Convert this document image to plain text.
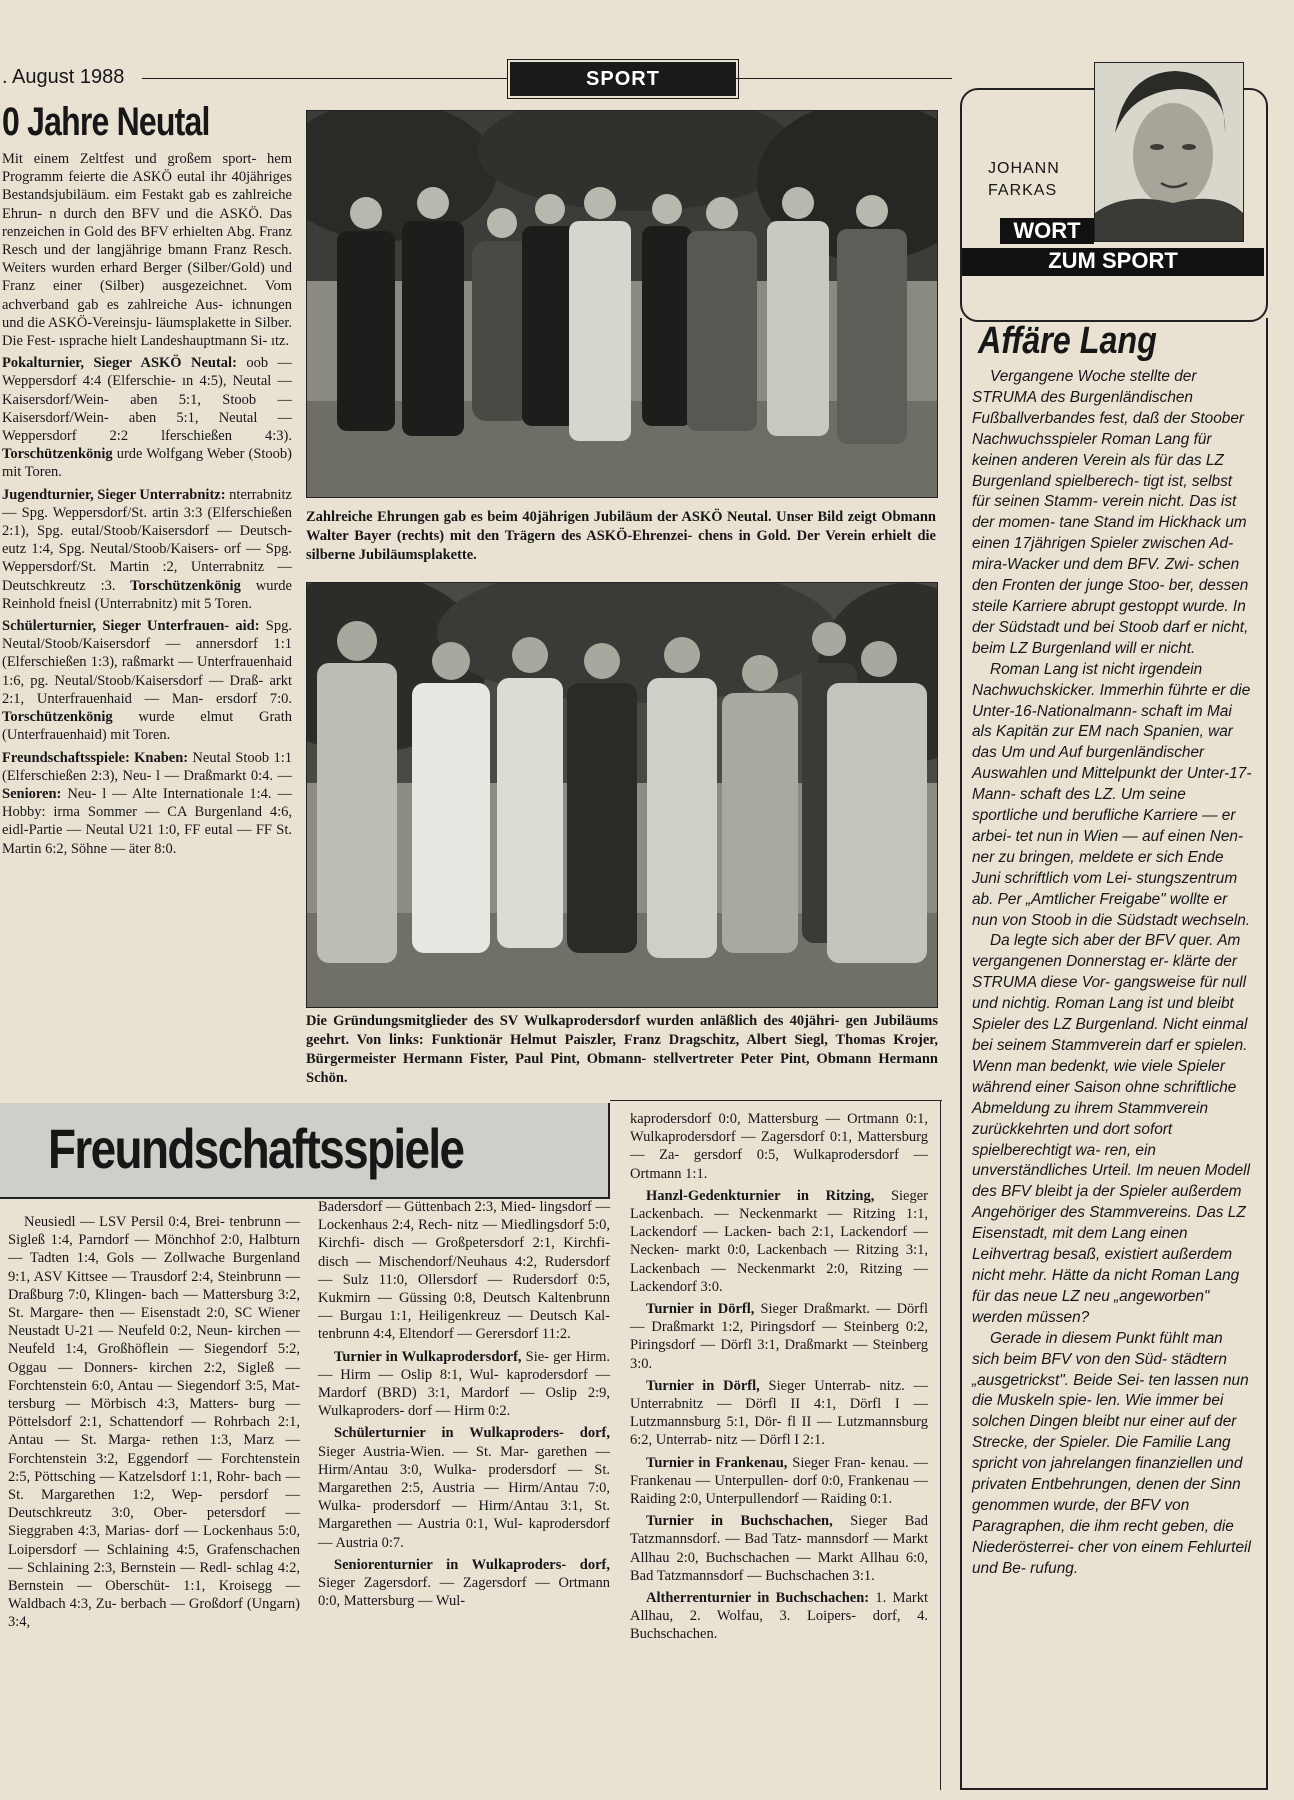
. August 1988	SPORT
0 Jahre Neutal

Mit einem Zeltfest und großem sport- hem Programm feierte die ASKÖ eutal ihr 40jähriges Bestandsjubiläum. eim Festakt gab es zahlreiche Ehrun- n durch den BFV und die ASKÖ. Das renzeichen in Gold des BFV erhielten Abg. Franz Resch und der langjährige bmann Franz Resch. Weiters wurden erhard Berger (Silber/Gold) und Franz einer (Silber) ausgezeichnet. Vom achverband gab es zahlreiche Aus- ichnungen und die ASKÖ-Vereinsju- läumsplakette in Silber. Die Fest- ısprache hielt Landeshauptmann Si- ıtz.

Pokalturnier, Sieger ASKÖ Neutal: oob — Weppersdorf 4:4 (Elferschie- ın 4:5), Neutal — Kaisersdorf/Wein- aben 5:1, Stoob — Kaisersdorf/Wein- aben 5:1, Neutal — Weppersdorf 2:2 lferschießen 4:3). Torschützenkönig urde Wolfgang Weber (Stoob) mit Toren.

Jugendturnier, Sieger Unterrabnitz: nterrabnitz — Spg. Weppersdorf/St. artin 3:3 (Elferschießen 2:1), Spg. eutal/Stoob/Kaisersdorf — Deutsch- eutz 1:4, Spg. Neutal/Stoob/Kaisers- orf — Spg. Weppersdorf/St. Martin :2, Unterrabnitz — Deutschkreutz :3. Torschützenkönig wurde Reinhold fneisl (Unterrabnitz) mit 5 Toren.

Schülerturnier, Sieger Unterfrauen- aid: Spg. Neutal/Stoob/Kaisersdorf — annersdorf 1:1 (Elferschießen 1:3), raßmarkt — Unterfrauenhaid 1:6, pg. Neutal/Stoob/Kaisersdorf — Draß- arkt 2:1, Unterfrauenhaid — Man- ersdorf 7:0. Torschützenkönig wurde elmut Grath (Unterfrauenhaid) mit Toren.

Freundschaftsspiele: Knaben: Neutal Stoob 1:1 (Elferschießen 2:3), Neu- l — Draßmarkt 0:4. — Senioren: Neu- l — Alte Internationale 1:4. — Hobby: irma Sommer — CA Burgenland 4:6, eidl-Partie — Neutal U21 1:0, FF eutal — FF St. Martin 6:2, Söhne — äter 8:0.

Zahlreiche Ehrungen gab es beim 40jährigen Jubiläum der ASKÖ Neutal. Unser Bild zeigt Obmann Walter Bayer (rechts) mit den Trägern des ASKÖ-Ehrenzei- chens in Gold. Der Verein erhielt die silberne Jubiläumsplakette.
Die Gründungsmitglieder des SV Wulkaprodersdorf wurden anläßlich des 40jähri- gen Jubiläums geehrt. Von links: Funktionär Helmut Paiszler, Franz Dragschitz, Albert Siegl, Thomas Krojer, Bürgermeister Hermann Fister, Paul Pint, Obmann- stellvertreter Peter Pint, Obmann Hermann Schön.
Freundschaftsspiele

Neusiedl — LSV Persil 0:4, Brei- tenbrunn — Sigleß 1:4, Parndorf — Mönchhof 2:0, Halbturn — Tadten 1:4, Gols — Zollwache Burgenland 9:1, ASV Kittsee — Trausdorf 2:4, Steinbrunn — Draßburg 7:0, Klingen- bach — Mattersburg 3:2, St. Margare- then — Eisenstadt 2:0, SC Wiener Neustadt U-21 — Neufeld 0:2, Neun- kirchen — Neufeld 1:4, Großhöflein — Siegendorf 5:2, Oggau — Donners- kirchen 2:2, Sigleß — Forchtenstein 6:0, Antau — Siegendorf 3:5, Mat- tersburg — Mörbisch 4:3, Matters- burg — Pöttelsdorf 2:1, Schattendorf — Rohrbach 2:1, Antau — St. Marga- rethen 1:3, Marz — Forchtenstein 3:2, Eggendorf — Forchtenstein 2:5, Pöttsching — Katzelsdorf 1:1, Rohr- bach — St. Margarethen 1:2, Wep- persdorf — Deutschkreutz 3:0, Ober- petersdorf — Sieggraben 4:3, Marias- dorf — Lockenhaus 5:0, Loipersdorf — Schlaining 4:5, Grafenschachen — Schlaining 2:3, Bernstein — Redl- schlag 4:2, Bernstein — Oberschüt- 1:1, Kroisegg — Waldbach 4:3, Zu- berbach — Großdorf (Ungarn) 3:4,

Badersdorf — Güttenbach 2:3, Mied- lingsdorf — Lockenhaus 2:4, Rech- nitz — Miedlingsdorf 5:0, Kirchfi- disch — Großpetersdorf 2:1, Kirchfi- disch — Mischendorf/Neuhaus 4:2, Rudersdorf — Sulz 11:0, Ollersdorf — Rudersdorf 0:5, Kukmirn — Güssing 0:8, Deutsch Kaltenbrunn — Burgau 1:1, Heiligenkreuz — Deutsch Kal- tenbrunn 4:4, Eltendorf — Gerersdorf 11:2.

Turnier in Wulkaprodersdorf, Sie- ger Hirm. — Hirm — Oslip 8:1, Wul- kaprodersdorf — Mardorf (BRD) 3:1, Mardorf — Oslip 2:9, Wulkaproders- dorf — Hirm 0:2.

Schülerturnier in Wulkaproders- dorf, Sieger Austria-Wien. — St. Mar- garethen — Hirm/Antau 3:0, Wulka- prodersdorf — St. Margarethen 2:5, Austria — Hirm/Antau 7:0, Wulka- prodersdorf — Hirm/Antau 3:1, St. Margarethen — Austria 0:1, Wul- kaprodersdorf — Austria 0:7.

Seniorenturnier in Wulkaproders- dorf, Sieger Zagersdorf. — Zagersdorf — Ortmann 0:0, Mattersburg — Wul-

kaprodersdorf 0:0, Mattersburg — Ortmann 0:1, Wulkaprodersdorf — Zagersdorf 0:1, Mattersburg — Za- gersdorf 0:5, Wulkaprodersdorf — Ortmann 1:1.

Hanzl-Gedenkturnier in Ritzing, Sieger Lackenbach. — Neckenmarkt — Ritzing 1:1, Lackendorf — Lacken- bach 2:1, Lackendorf — Necken- markt 0:0, Lackenbach — Ritzing 3:1, Lackenbach — Neckenmarkt 2:0, Ritzing — Lackendorf 3:0.

Turnier in Dörfl, Sieger Draßmarkt. — Dörfl — Draßmarkt 1:2, Piringsdorf — Steinberg 0:2, Piringsdorf — Dörfl 3:1, Draßmarkt — Steinberg 3:0.

Turnier in Dörfl, Sieger Unterrab- nitz. — Unterrabnitz — Dörfl II 4:1, Dörfl I — Lutzmannsburg 5:1, Dör- fl II — Lutzmannsburg 6:2, Unterrab- nitz — Dörfl I 2:1.

Turnier in Frankenau, Sieger Fran- kenau. — Frankenau — Unterpullen- dorf 0:0, Frankenau — Raiding 2:0, Unterpullendorf — Raiding 0:1.

Turnier in Buchschachen, Sieger Bad Tatzmannsdorf. — Bad Tatz- mannsdorf — Markt Allhau 2:0, Buchschachen — Markt Allhau 6:0, Bad Tatzmannsdorf — Buchschachen 3:1.

Altherrenturnier in Buchschachen: 1. Markt Allhau, 2. Wolfau, 3. Loipers- dorf, 4. Buchschachen.

JOHANN
FARKAS
WORT
ZUM SPORT
Affäre Lang

Vergangene Woche stellte der STRUMA des Burgenländischen Fußballverbandes fest, daß der Stoober Nachwuchsspieler Roman Lang für keinen anderen Verein als für das LZ Burgenland spielberech- tigt ist, selbst für seinen Stamm- verein nicht. Das ist der momen- tane Stand im Hickhack um einen 17jährigen Spieler zwischen Ad- mira-Wacker und dem BFV. Zwi- schen den Fronten der junge Stoo- ber, dessen steile Karriere abrupt gestoppt wurde. In der Südstadt und bei Stoob darf er nicht, beim LZ Burgenland will er nicht.

Roman Lang ist nicht irgendein Nachwuchskicker. Immerhin führte er die Unter-16-Nationalmann- schaft im Mai als Kapitän zur EM nach Spanien, war das Um und Auf burgenländischer Auswahlen und Mittelpunkt der Unter-17-Mann- schaft des LZ. Um seine sportliche und berufliche Karriere — er arbei- tet nun in Wien — auf einen Nen- ner zu bringen, meldete er sich Ende Juni schriftlich vom Lei- stungszentrum ab. Per „Amtlicher Freigabe" wollte er nun von Stoob in die Südstadt wechseln.

Da legte sich aber der BFV quer. Am vergangenen Donnerstag er- klärte der STRUMA diese Vor- gangsweise für null und nichtig. Roman Lang ist und bleibt Spieler des LZ Burgenland. Nicht einmal bei seinem Stammverein darf er spielen. Wenn man bedenkt, wie viele Spieler während einer Saison ohne schriftliche Abmeldung zu ihrem Stammverein zurückkehrten und dort sofort spielberechtigt wa- ren, ein unverständliches Urteil. Im neuen Modell des BFV bleibt ja der Spieler außerdem Angehöriger des Stammvereins. Das LZ Eisenstadt, mit dem Lang einen Leihvertrag besaß, existiert außerdem nicht mehr. Hätte da nicht Roman Lang für das neue LZ neu „angeworben" werden müssen?

Gerade in diesem Punkt fühlt man sich beim BFV von den Süd- städtern „ausgetrickst". Beide Sei- ten lassen nun die Muskeln spie- len. Wie immer bei solchen Dingen bleibt nur einer auf der Strecke, der Spieler. Die Familie Lang spricht von jahrelangen finanziellen und privaten Entbehrungen, denen der Sinn genommen wurde, der BFV von Paragraphen, die ihm recht geben, die Niederösterrei- cher von einem Fehlurteil und Be- rufung.
